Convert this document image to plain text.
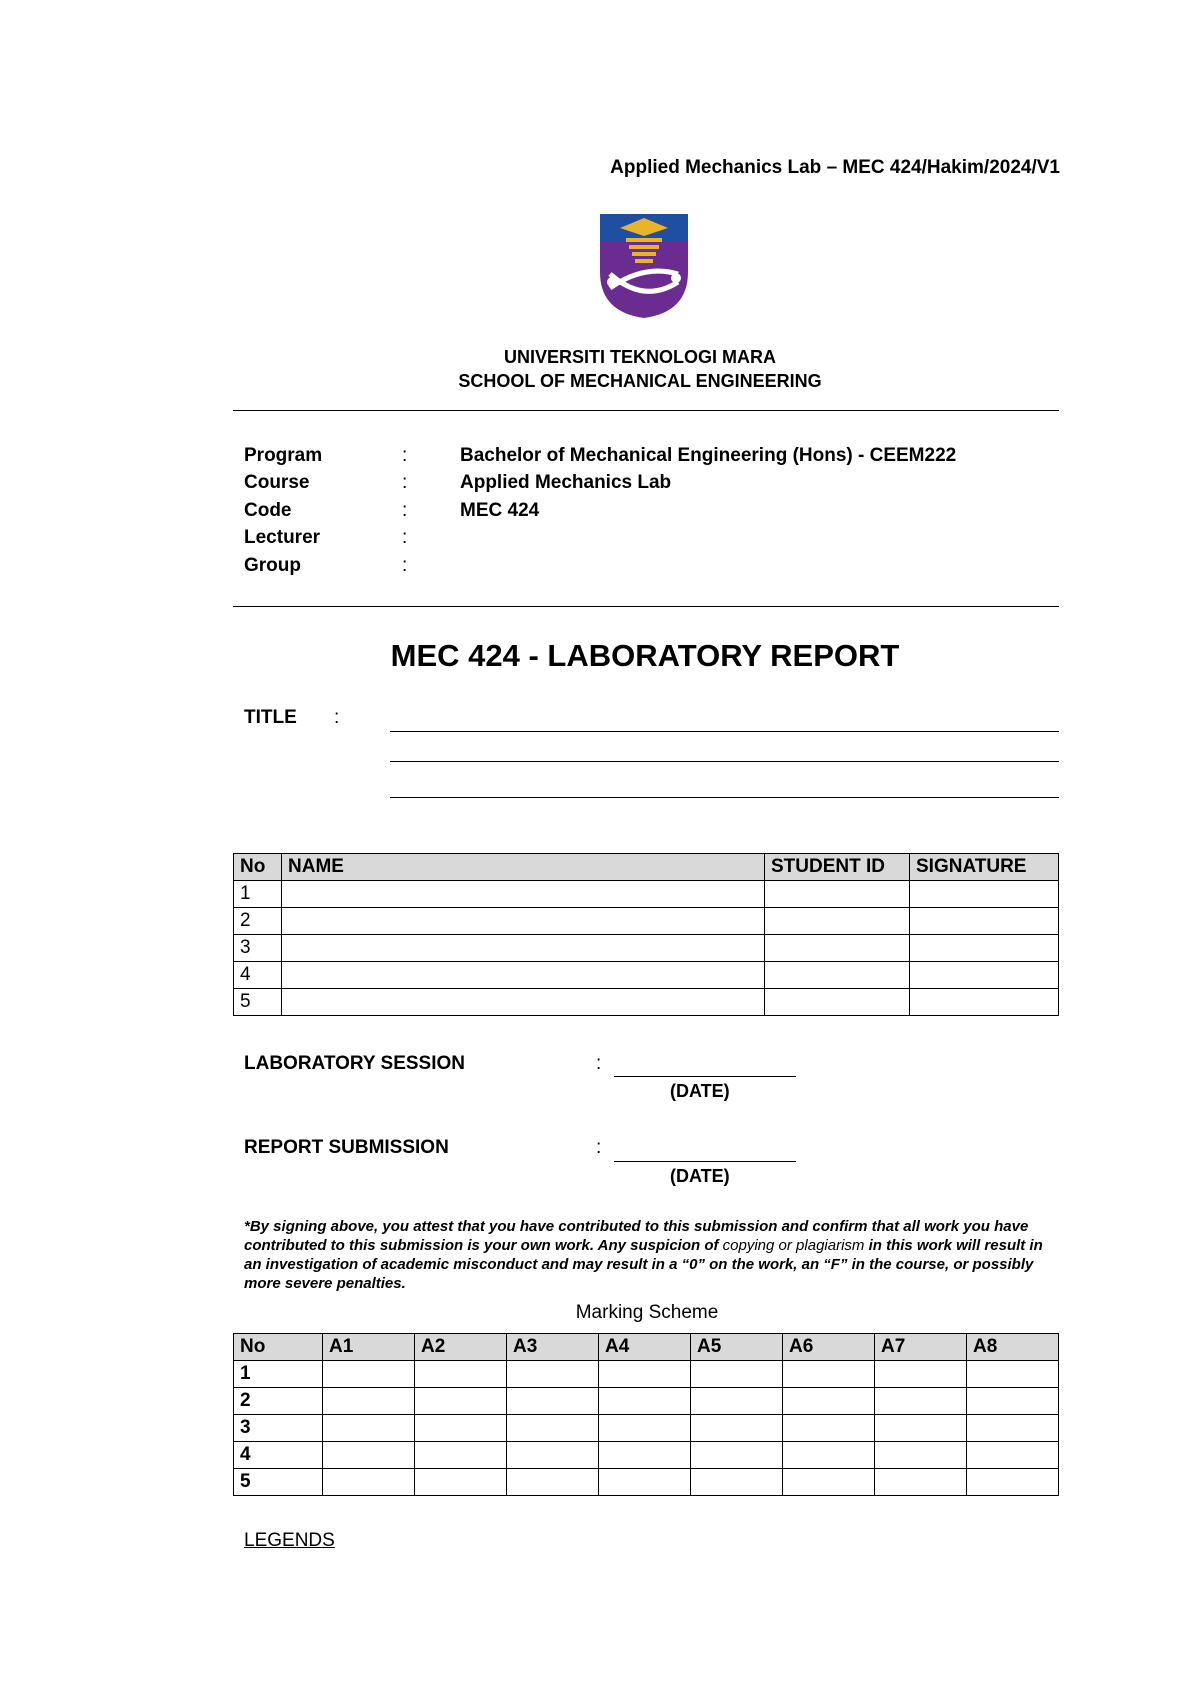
Applied Mechanics Lab – MEC 424/Hakim/2024/V1
UNIVERSITI TEKNOLOGI MARA
SCHOOL OF MECHANICAL ENGINEERING
Program	:	Bachelor of Mechanical Engineering (Hons) - CEEM222
Course	:	Applied Mechanics Lab
Code	:	MEC 424
Lecturer	:
Group	:
MEC 424 - LABORATORY REPORT
TITLE :
No	NAME	STUDENT ID	SIGNATURE
1			
2			
3			
4			
5			
LABORATORY SESSION	:
(DATE)
REPORT SUBMISSION	:
(DATE)
*By signing above, you attest that you have contributed to this submission and confirm that all work you have contributed to this submission is your own work. Any suspicion of copying or plagiarism in this work will result in an investigation of academic misconduct and may result in a “0” on the work, an “F” in the course, or possibly more severe penalties.
Marking Scheme
No	A1	A2	A3	A4	A5	A6	A7	A8
1								
2								
3								
4								
5								
LEGENDS
